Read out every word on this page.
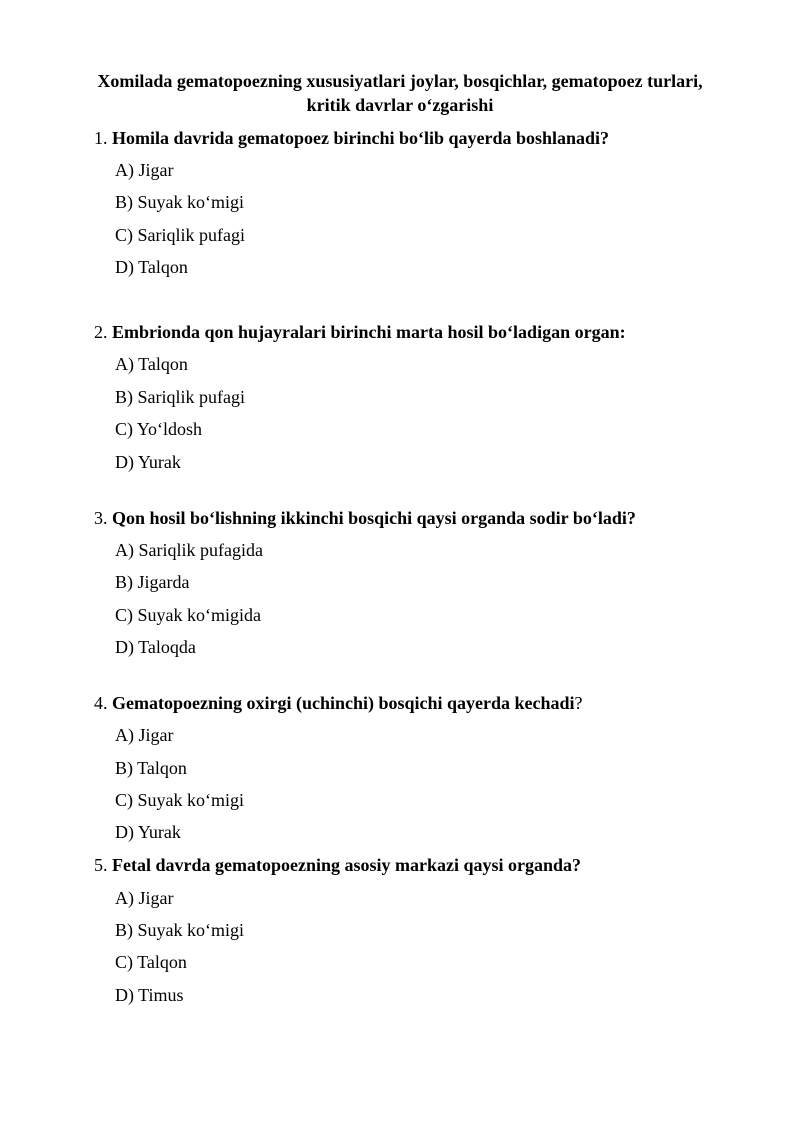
Xomilada gematopoezning xususiyatlari joylar, bosqichlar, gematopoez turlari,
kritik davrlar o‘zgarishi
1. Homila davrida gematopoez birinchi bo‘lib qayerda boshlanadi?
A) Jigar
B) Suyak ko‘migi
C) Sariqlik pufagi
D) Talqon
2. Embrionda qon hujayralari birinchi marta hosil bo‘ladigan organ:
A) Talqon
B) Sariqlik pufagi
C) Yo‘ldosh
D) Yurak
3. Qon hosil bo‘lishning ikkinchi bosqichi qaysi organda sodir bo‘ladi?
A) Sariqlik pufagida
B) Jigarda
C) Suyak ko‘migida
D) Taloqda
4. Gematopoezning oxirgi (uchinchi) bosqichi qayerda kechadi?
A) Jigar
B) Talqon
C) Suyak ko‘migi
D) Yurak
5. Fetal davrda gematopoezning asosiy markazi qaysi organda?
A) Jigar
B) Suyak ko‘migi
C) Talqon
D) Timus
